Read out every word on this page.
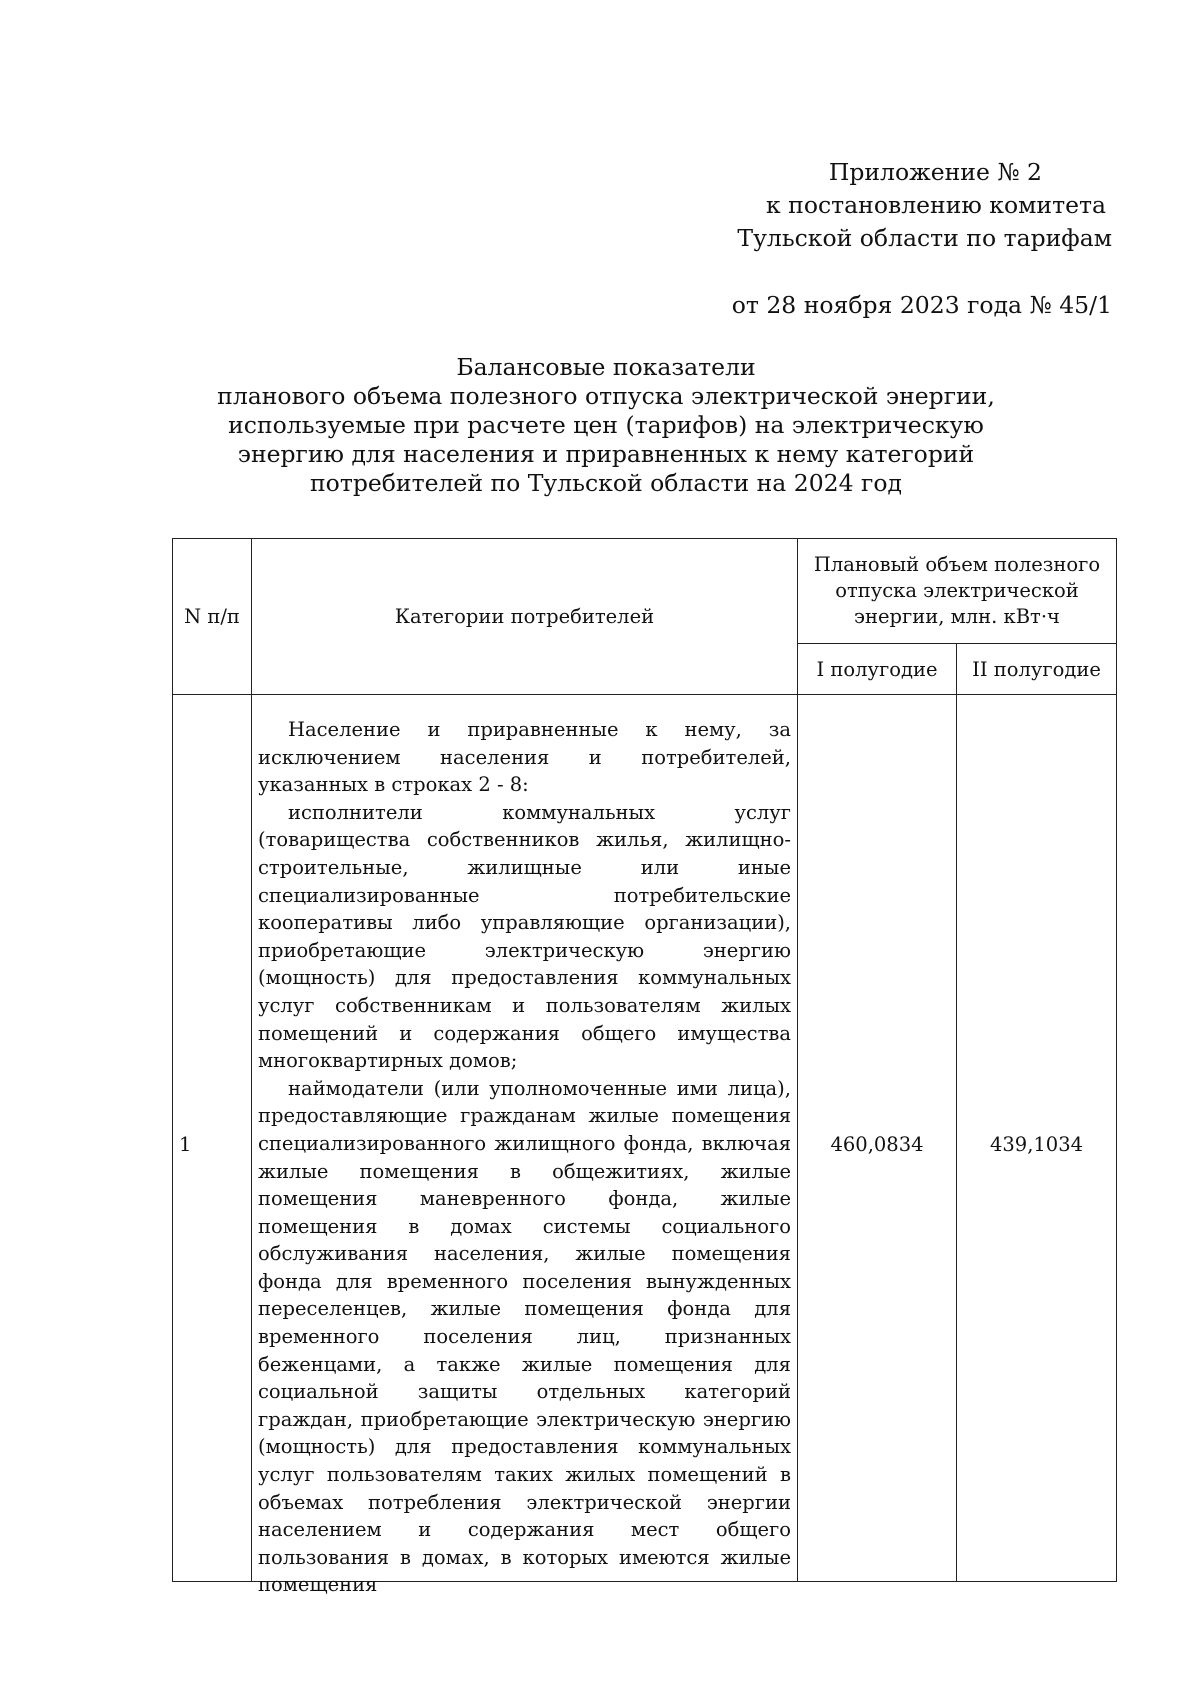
Приложение № 2
к постановлению комитета
Тульской области по тарифам
от 28 ноября 2023 года № 45/1
Балансовые показатели
планового объема полезного отпуска электрической энергии,
используемые при расчете цен (тарифов) на электрическую
энергию для населения и приравненных к нему категорий
потребителей по Тульской области на 2024 год
N п/п	Категории потребителей	Плановый объем полезного отпуска электрической энергии, млн. кВт·ч	
		I полугодие	II полугодие
1	Население и приравненные к нему, за исключением населения и потребителей, указанных в строках 2 - 8:

исполнители коммунальных услуг (товарищества собственников жилья, жилищно-строительные, жилищные или иные специализированные потребительские кооперативы либо управляющие организации), приобретающие электрическую энергию (мощность) для предоставления коммунальных услуг собственникам и пользователям жилых помещений и содержания общего имущества многоквартирных домов;

наймодатели (или уполномоченные ими лица), предоставляющие гражданам жилые помещения специализированного жилищного фонда, включая жилые помещения в общежитиях, жилые помещения маневренного фонда, жилые помещения в домах системы социального обслуживания населения, жилые помещения фонда для временного поселения вынужденных переселенцев, жилые помещения фонда для временного поселения лиц, признанных беженцами, а также жилые помещения для социальной защиты отдельных категорий граждан, приобретающие электрическую энергию (мощность) для предоставления коммунальных услуг пользователям таких жилых помещений в объемах потребления электрической энергии населением и содержания мест общего пользования в домах, в которых имеются жилые помещения	460,0834	439,1034
